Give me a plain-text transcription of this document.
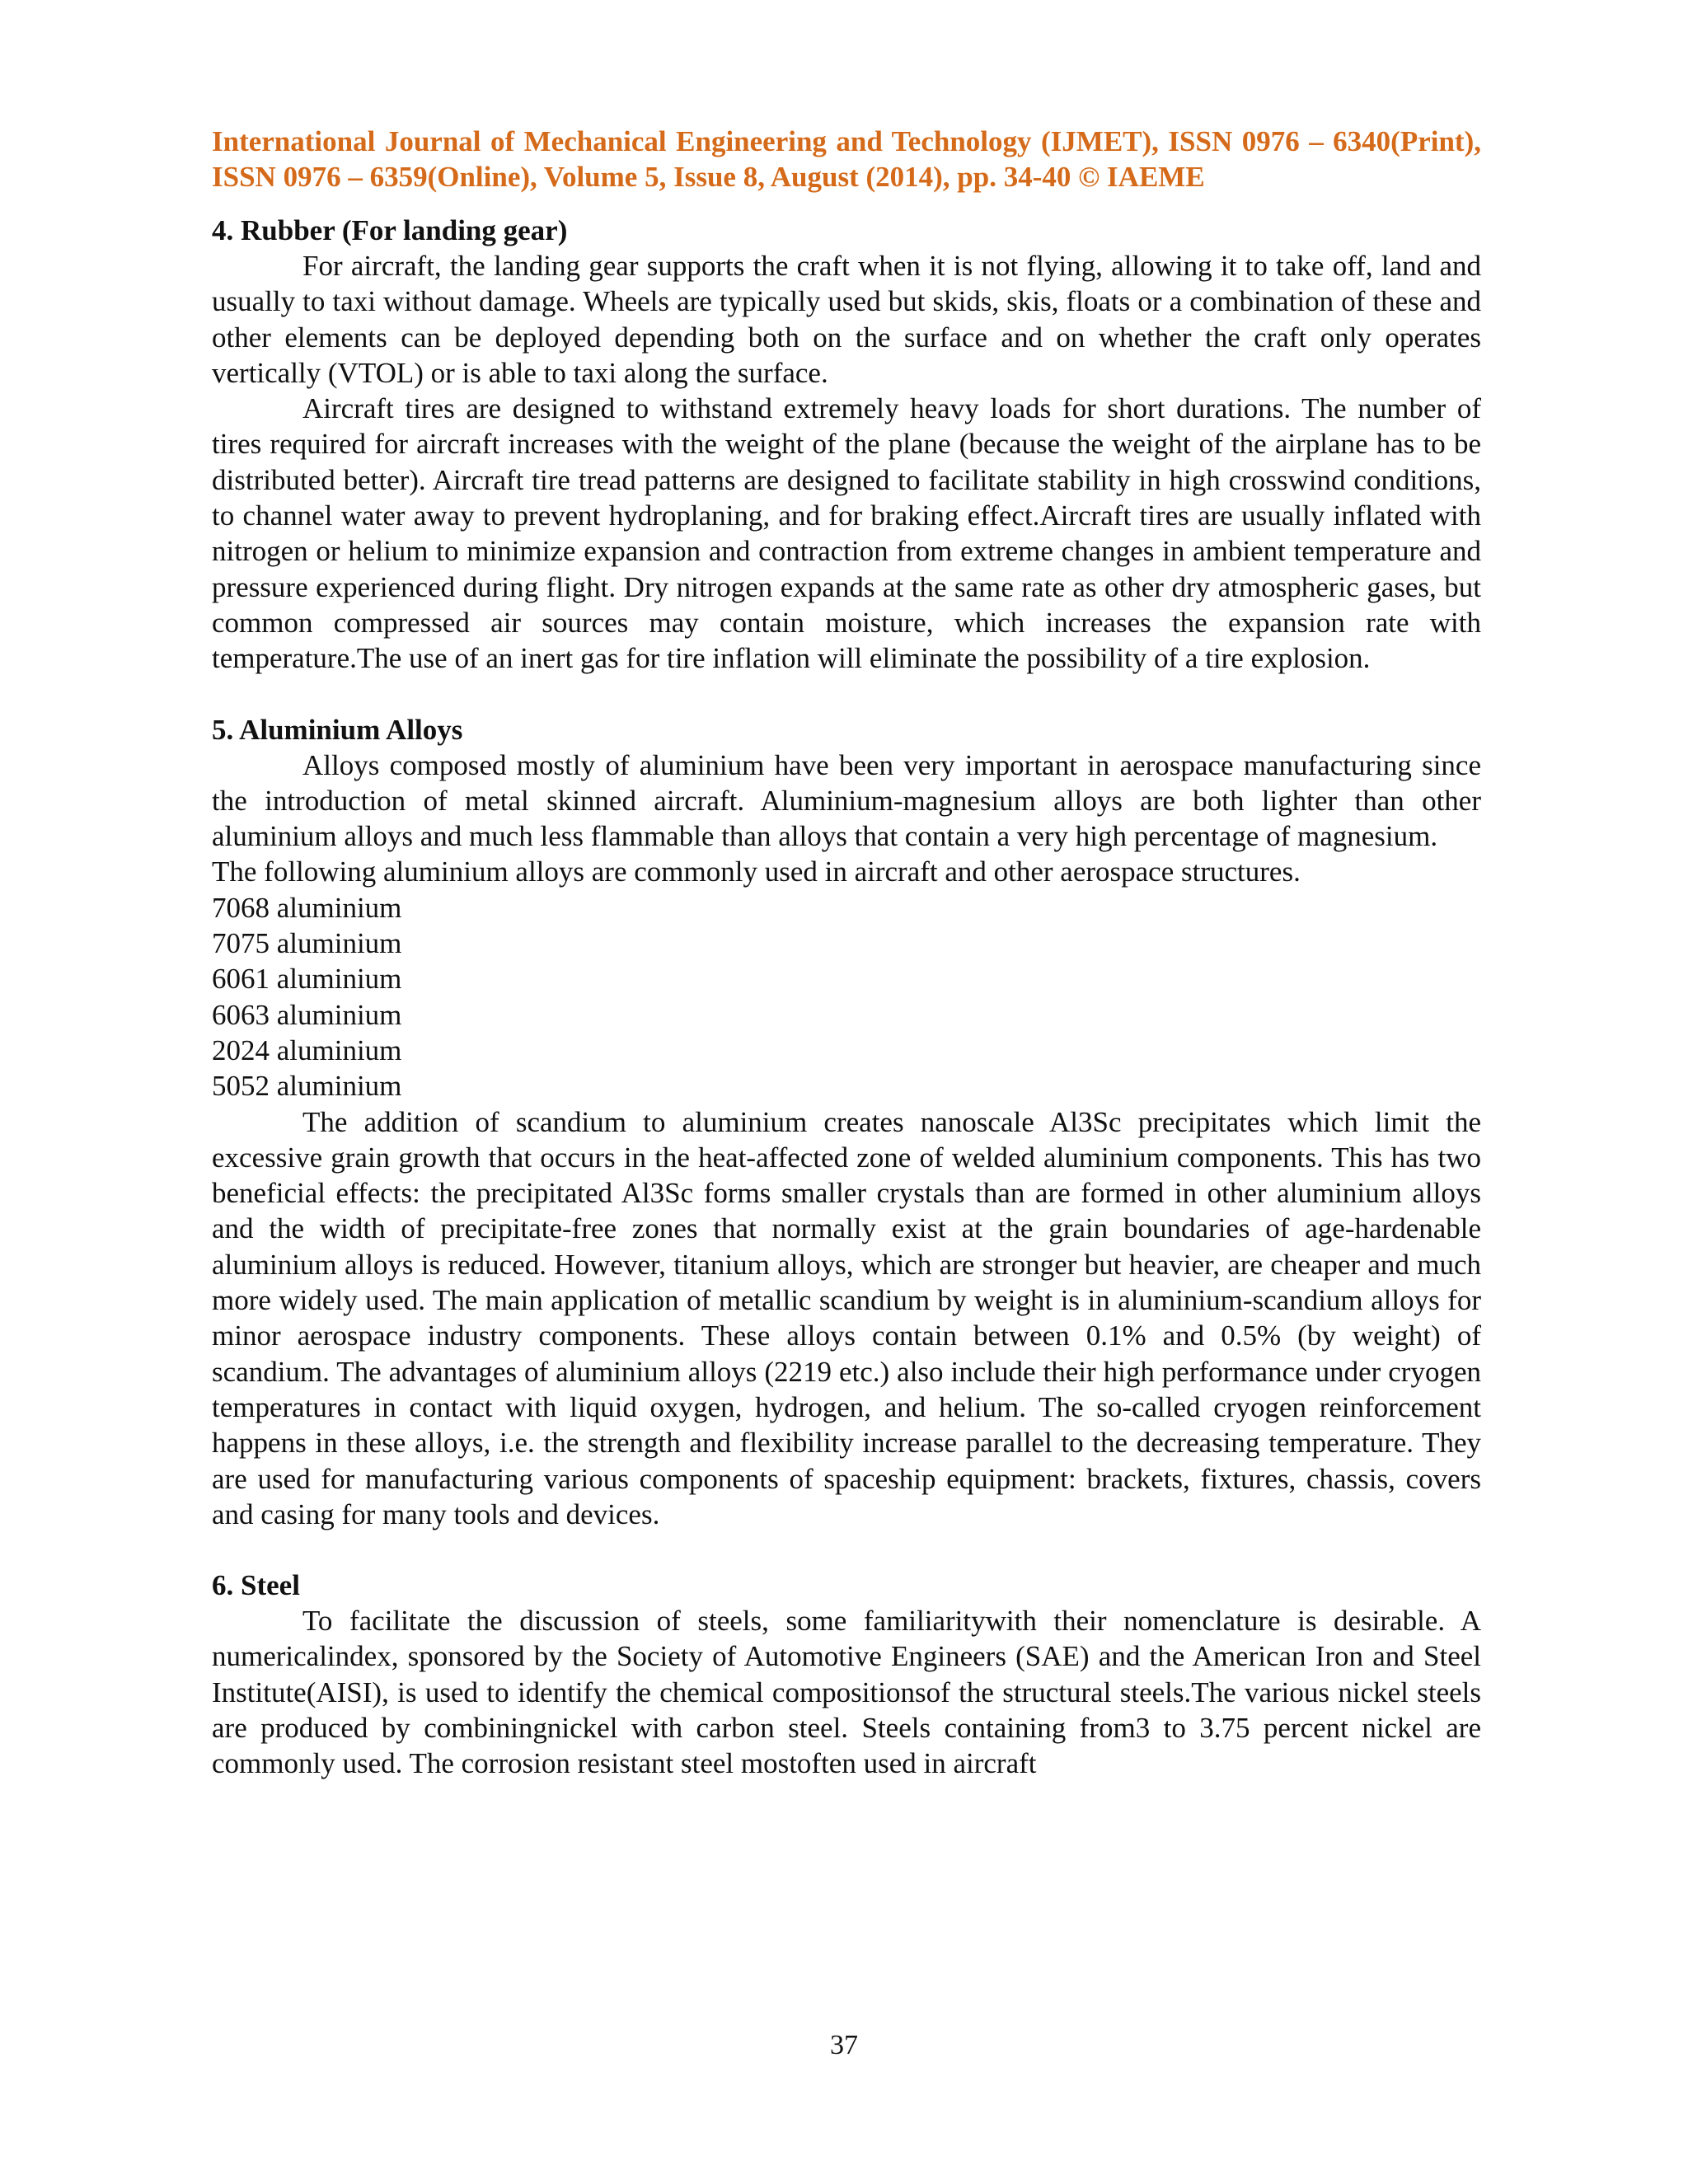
International Journal of Mechanical Engineering and Technology (IJMET), ISSN 0976 – 6340(Print),
ISSN 0976 – 6359(Online), Volume 5, Issue 8, August (2014), pp. 34-40 © IAEME
4. Rubber (For landing gear)

For aircraft, the landing gear supports the craft when it is not flying, allowing it to take off, land and usually to taxi without damage. Wheels are typically used but skids, skis, floats or a combination of these and other elements can be deployed depending both on the surface and on whether the craft only operates vertically (VTOL) or is able to taxi along the surface.

Aircraft tires are designed to withstand extremely heavy loads for short durations. The number of tires required for aircraft increases with the weight of the plane (because the weight of the airplane has to be distributed better). Aircraft tire tread patterns are designed to facilitate stability in high crosswind conditions, to channel water away to prevent hydroplaning, and for braking effect.Aircraft tires are usually inflated with nitrogen or helium to minimize expansion and contraction from extreme changes in ambient temperature and pressure experienced during flight. Dry nitrogen expands at the same rate as other dry atmospheric gases, but common compressed air sources may contain moisture, which increases the expansion rate with temperature.The use of an inert gas for tire inflation will eliminate the possibility of a tire explosion.

5. Aluminium Alloys

Alloys composed mostly of aluminium have been very important in aerospace manufacturing since the introduction of metal skinned aircraft. Aluminium-magnesium alloys are both lighter than other aluminium alloys and much less flammable than alloys that contain a very high percentage of magnesium.

The following aluminium alloys are commonly used in aircraft and other aerospace structures.

7068 aluminium
7075 aluminium
6061 aluminium
6063 aluminium
2024 aluminium
5052 aluminium

The addition of scandium to aluminium creates nanoscale Al3Sc precipitates which limit the excessive grain growth that occurs in the heat-affected zone of welded aluminium components. This has two beneficial effects: the precipitated Al3Sc forms smaller crystals than are formed in other aluminium alloys and the width of precipitate-free zones that normally exist at the grain boundaries of age-hardenable aluminium alloys is reduced. However, titanium alloys, which are stronger but heavier, are cheaper and much more widely used. The main application of metallic scandium by weight is in aluminium-scandium alloys for minor aerospace industry components. These alloys contain between 0.1% and 0.5% (by weight) of scandium. The advantages of aluminium alloys (2219 etc.) also include their high performance under cryogen temperatures in contact with liquid oxygen, hydrogen, and helium. The so-called cryogen reinforcement happens in these alloys, i.e. the strength and flexibility increase parallel to the decreasing temperature. They are used for manufacturing various components of spaceship equipment: brackets, fixtures, chassis, covers and casing for many tools and devices.

6. Steel

To facilitate the discussion of steels, some familiaritywith their nomenclature is desirable. A numericalindex, sponsored by the Society of Automotive Engineers (SAE) and the American Iron and Steel Institute(AISI), is used to identify the chemical compositionsof the structural steels.The various nickel steels are produced by combiningnickel with carbon steel. Steels containing from3 to 3.75 percent nickel are commonly used. The corrosion resistant steel mostoften used in aircraft

37
